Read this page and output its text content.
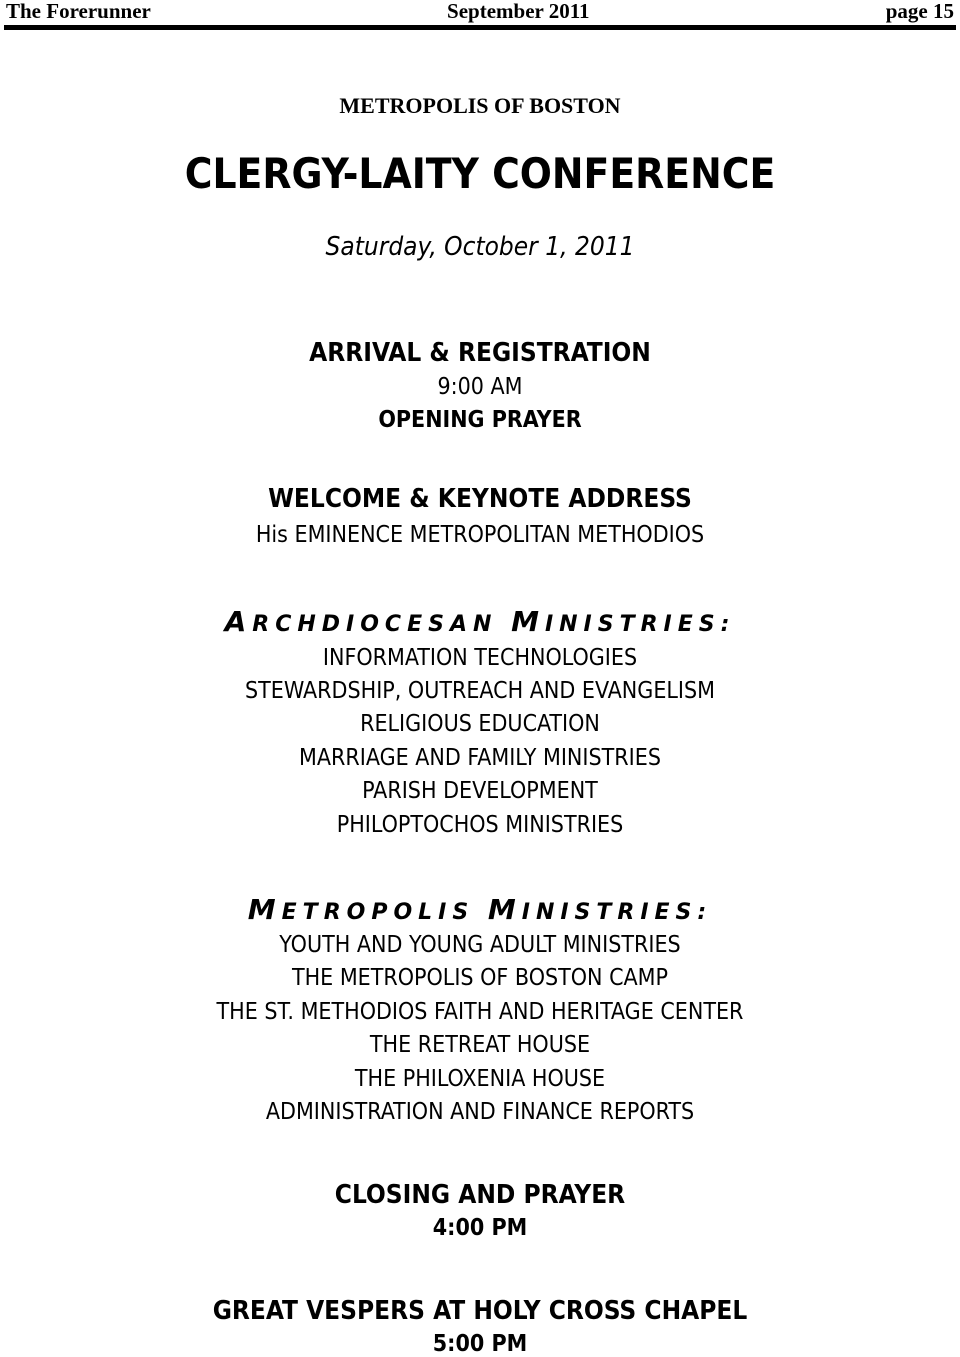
The Forerunner	September 2011	page 15
METROPOLIS OF BOSTON
CLERGY-LAITY CONFERENCE
Saturday, October 1, 2011
ARRIVAL & REGISTRATION
9:00 AM
OPENING PRAYER
WELCOME & KEYNOTE ADDRESS
His EMINENCE METROPOLITAN METHODIOS
ARCHDIOCESAN MINISTRIES:
INFORMATION TECHNOLOGIES
STEWARDSHIP, OUTREACH AND EVANGELISM
RELIGIOUS EDUCATION
MARRIAGE AND FAMILY MINISTRIES
PARISH DEVELOPMENT
PHILOPTOCHOS MINISTRIES
METROPOLIS MINISTRIES:
YOUTH AND YOUNG ADULT MINISTRIES
THE METROPOLIS OF BOSTON CAMP
THE ST. METHODIOS FAITH AND HERITAGE CENTER
THE RETREAT HOUSE
THE PHILOXENIA HOUSE
ADMINISTRATION AND FINANCE REPORTS
CLOSING AND PRAYER
4:00 PM
GREAT VESPERS AT HOLY CROSS CHAPEL
5:00 PM
